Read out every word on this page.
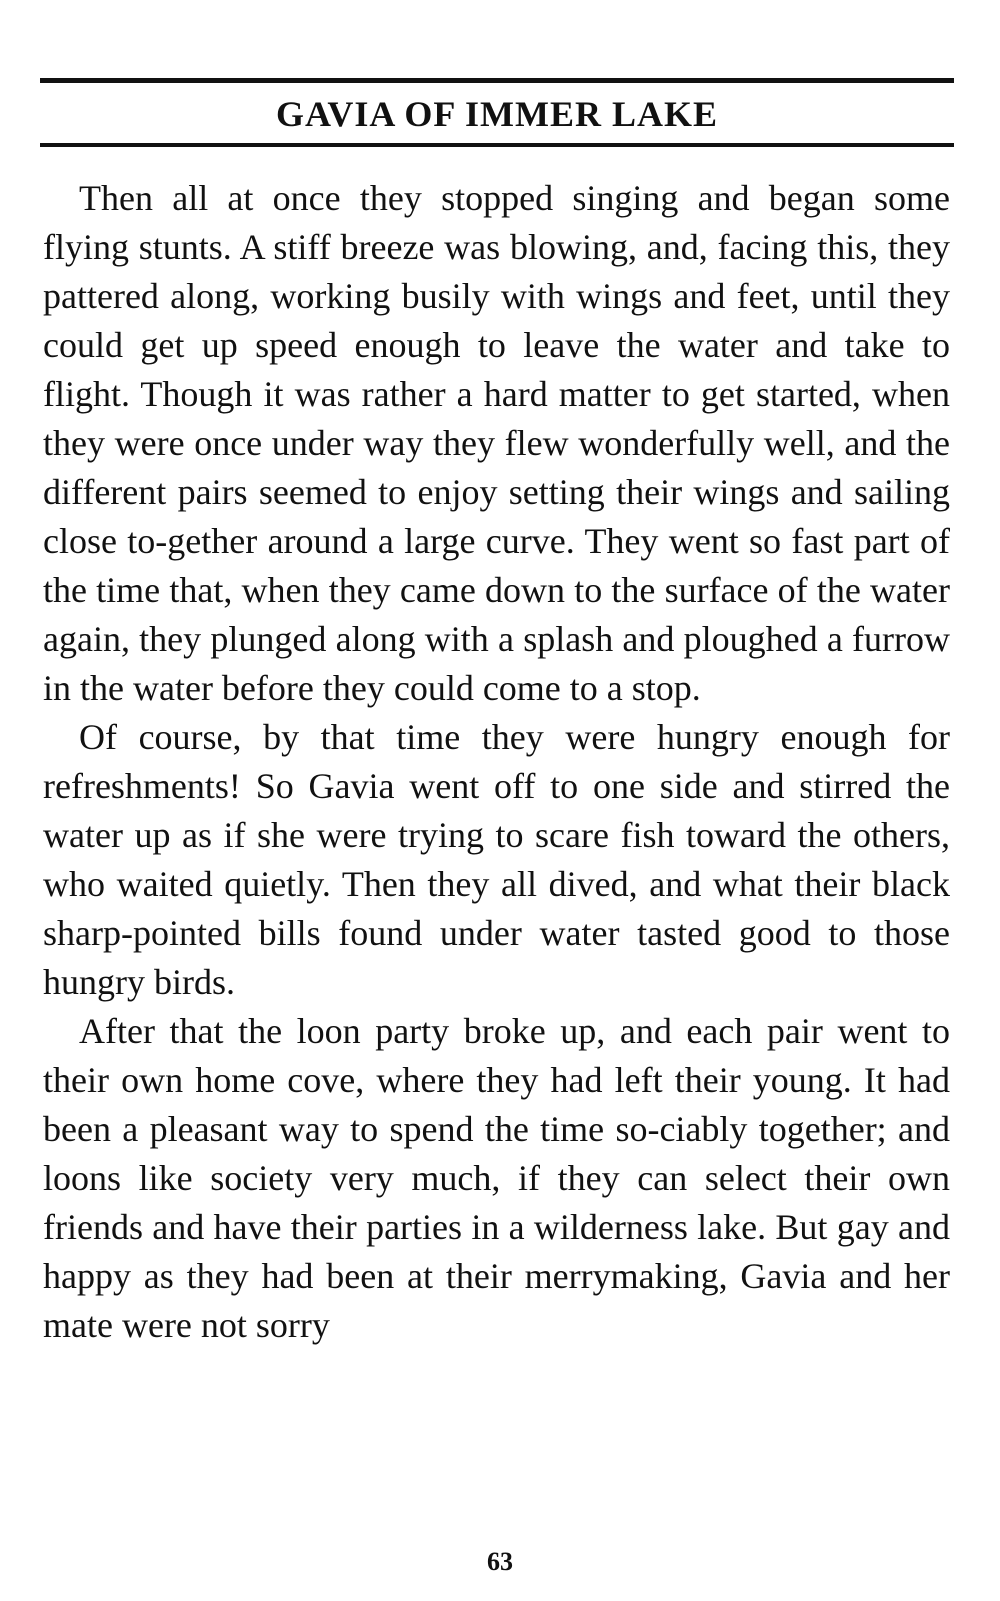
GAVIA OF IMMER LAKE

Then all at once they stopped singing and began some flying stunts. A stiff breeze was blowing, and, facing this, they pattered along, working busily with wings and feet, until they could get up speed enough to leave the water and take to flight. Though it was rather a hard matter to get started, when they were once under way they flew wonderfully well, and the different pairs seemed to enjoy setting their wings and sailing close to-gether around a large curve. They went so fast part of the time that, when they came down to the surface of the water again, they plunged along with a splash and ploughed a furrow in the water before they could come to a stop.

Of course, by that time they were hungry enough for refreshments! So Gavia went off to one side and stirred the water up as if she were trying to scare fish toward the others, who waited quietly. Then they all dived, and what their black sharp-pointed bills found under water tasted good to those hungry birds.

After that the loon party broke up, and each pair went to their own home cove, where they had left their young. It had been a pleasant way to spend the time so-ciably together; and loons like society very much, if they can select their own friends and have their parties in a wilderness lake. But gay and happy as they had been at their merrymaking, Gavia and her mate were not sorry

63
